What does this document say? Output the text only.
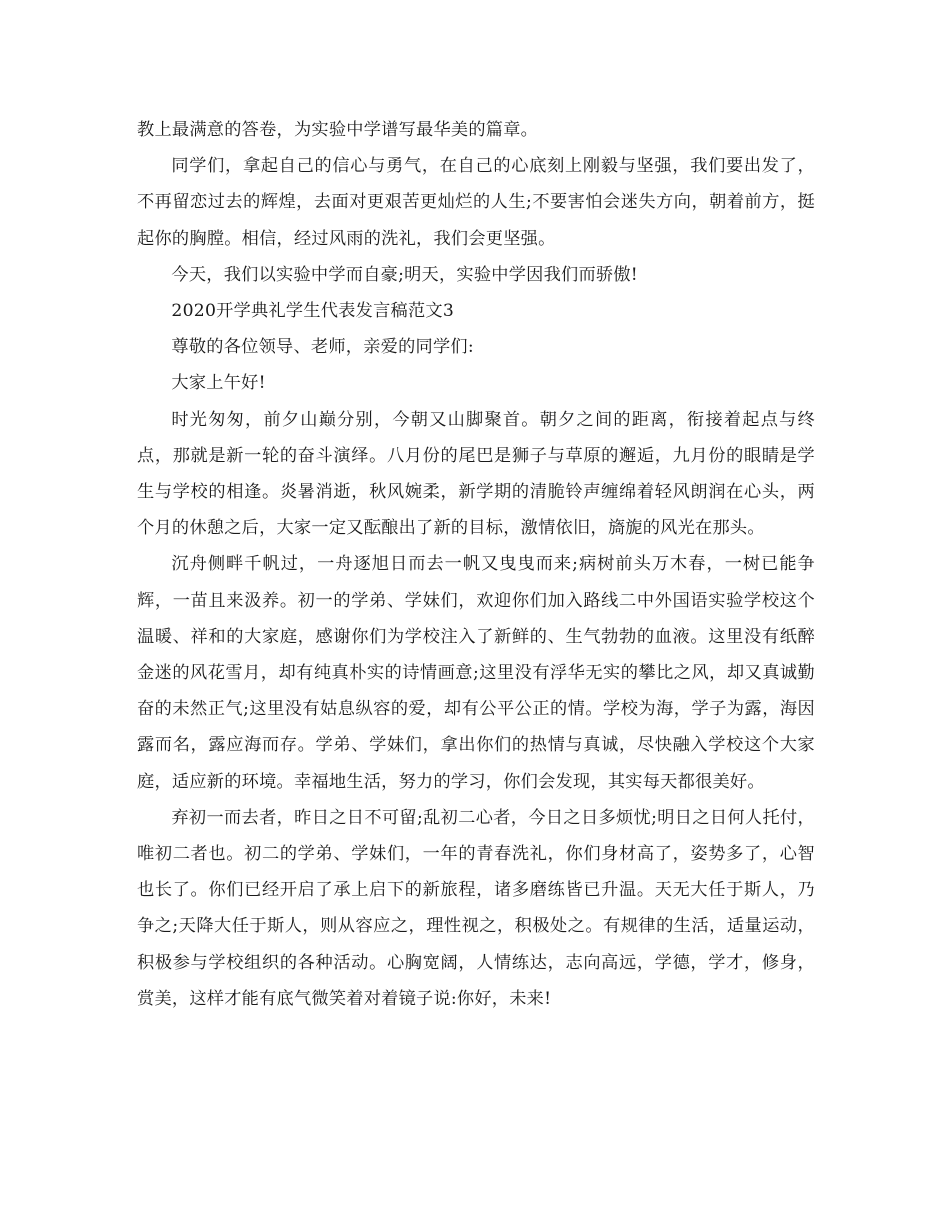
教上最满意的答卷，为实验中学谱写最华美的篇章。

同学们，拿起自己的信心与勇气，在自己的心底刻上刚毅与坚强，我们要出发了，不再留恋过去的辉煌，去面对更艰苦更灿烂的人生;不要害怕会迷失方向，朝着前方，挺起你的胸膛。相信，经过风雨的洗礼，我们会更坚强。

今天，我们以实验中学而自豪;明天，实验中学因我们而骄傲!

2020开学典礼学生代表发言稿范文3

尊敬的各位领导、老师，亲爱的同学们:

大家上午好!

时光匆匆，前夕山巅分别，今朝又山脚聚首。朝夕之间的距离，衔接着起点与终点，那就是新一轮的奋斗演绎。八月份的尾巴是狮子与草原的邂逅，九月份的眼睛是学生与学校的相逢。炎暑消逝，秋风婉柔，新学期的清脆铃声缠绵着轻风朗润在心头，两个月的休憩之后，大家一定又酝酿出了新的目标，激情依旧，旖旎的风光在那头。

沉舟侧畔千帆过，一舟逐旭日而去一帆又曳曳而来;病树前头万木春，一树已能争辉，一苗且来汲养。初一的学弟、学妹们，欢迎你们加入路线二中外国语实验学校这个温暖、祥和的大家庭，感谢你们为学校注入了新鲜的、生气勃勃的血液。这里没有纸醉金迷的风花雪月，却有纯真朴实的诗情画意;这里没有浮华无实的攀比之风，却又真诚勤奋的未然正气;这里没有姑息纵容的爱，却有公平公正的情。学校为海，学子为露，海因露而名，露应海而存。学弟、学妹们，拿出你们的热情与真诚，尽快融入学校这个大家庭，适应新的环境。幸福地生活，努力的学习，你们会发现，其实每天都很美好。

弃初一而去者，昨日之日不可留;乱初二心者，今日之日多烦忧;明日之日何人托付，唯初二者也。初二的学弟、学妹们，一年的青春洗礼，你们身材高了，姿势多了，心智也长了。你们已经开启了承上启下的新旅程，诸多磨练皆已升温。天无大任于斯人，乃争之;天降大任于斯人，则从容应之，理性视之，积极处之。有规律的生活，适量运动，积极参与学校组织的各种活动。心胸宽阔，人情练达，志向高远，学德，学才，修身，赏美，这样才能有底气微笑着对着镜子说:你好，未来!
